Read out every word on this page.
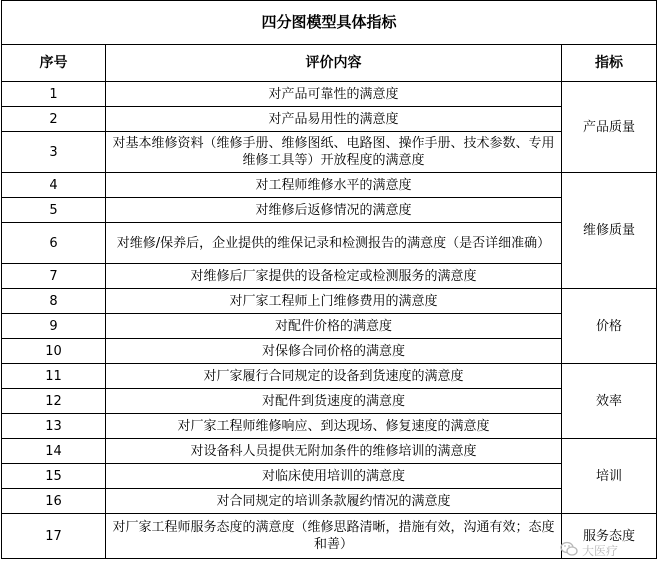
四分图模型具体指标		
序号	评价内容	指标
1	对产品可靠性的满意度	产品质量
2	对产品易用性的满意度	
3	对基本维修资料（维修手册、维修图纸、电路图、操作手册、技术参数、专用维修工具等）开放程度的满意度	
4	对工程师维修水平的满意度	维修质量
5	对维修后返修情况的满意度	
6	对维修/保养后，企业提供的维保记录和检测报告的满意度（是否详细准确）	
7	对维修后厂家提供的设备检定或检测服务的满意度	
8	对厂家工程师上门维修费用的满意度	价格
9	对配件价格的满意度	
10	对保修合同价格的满意度	
11	对厂家履行合同规定的设备到货速度的满意度	效率
12	对配件到货速度的满意度	
13	对厂家工程师维修响应、到达现场、修复速度的满意度	
14	对设备科人员提供无附加条件的维修培训的满意度	培训
15	对临床使用培训的满意度	
16	对合同规定的培训条款履约情况的满意度	
17	对厂家工程师服务态度的满意度（维修思路清晰，措施有效，沟通有效；态度和善）	服务态度
大医疗
